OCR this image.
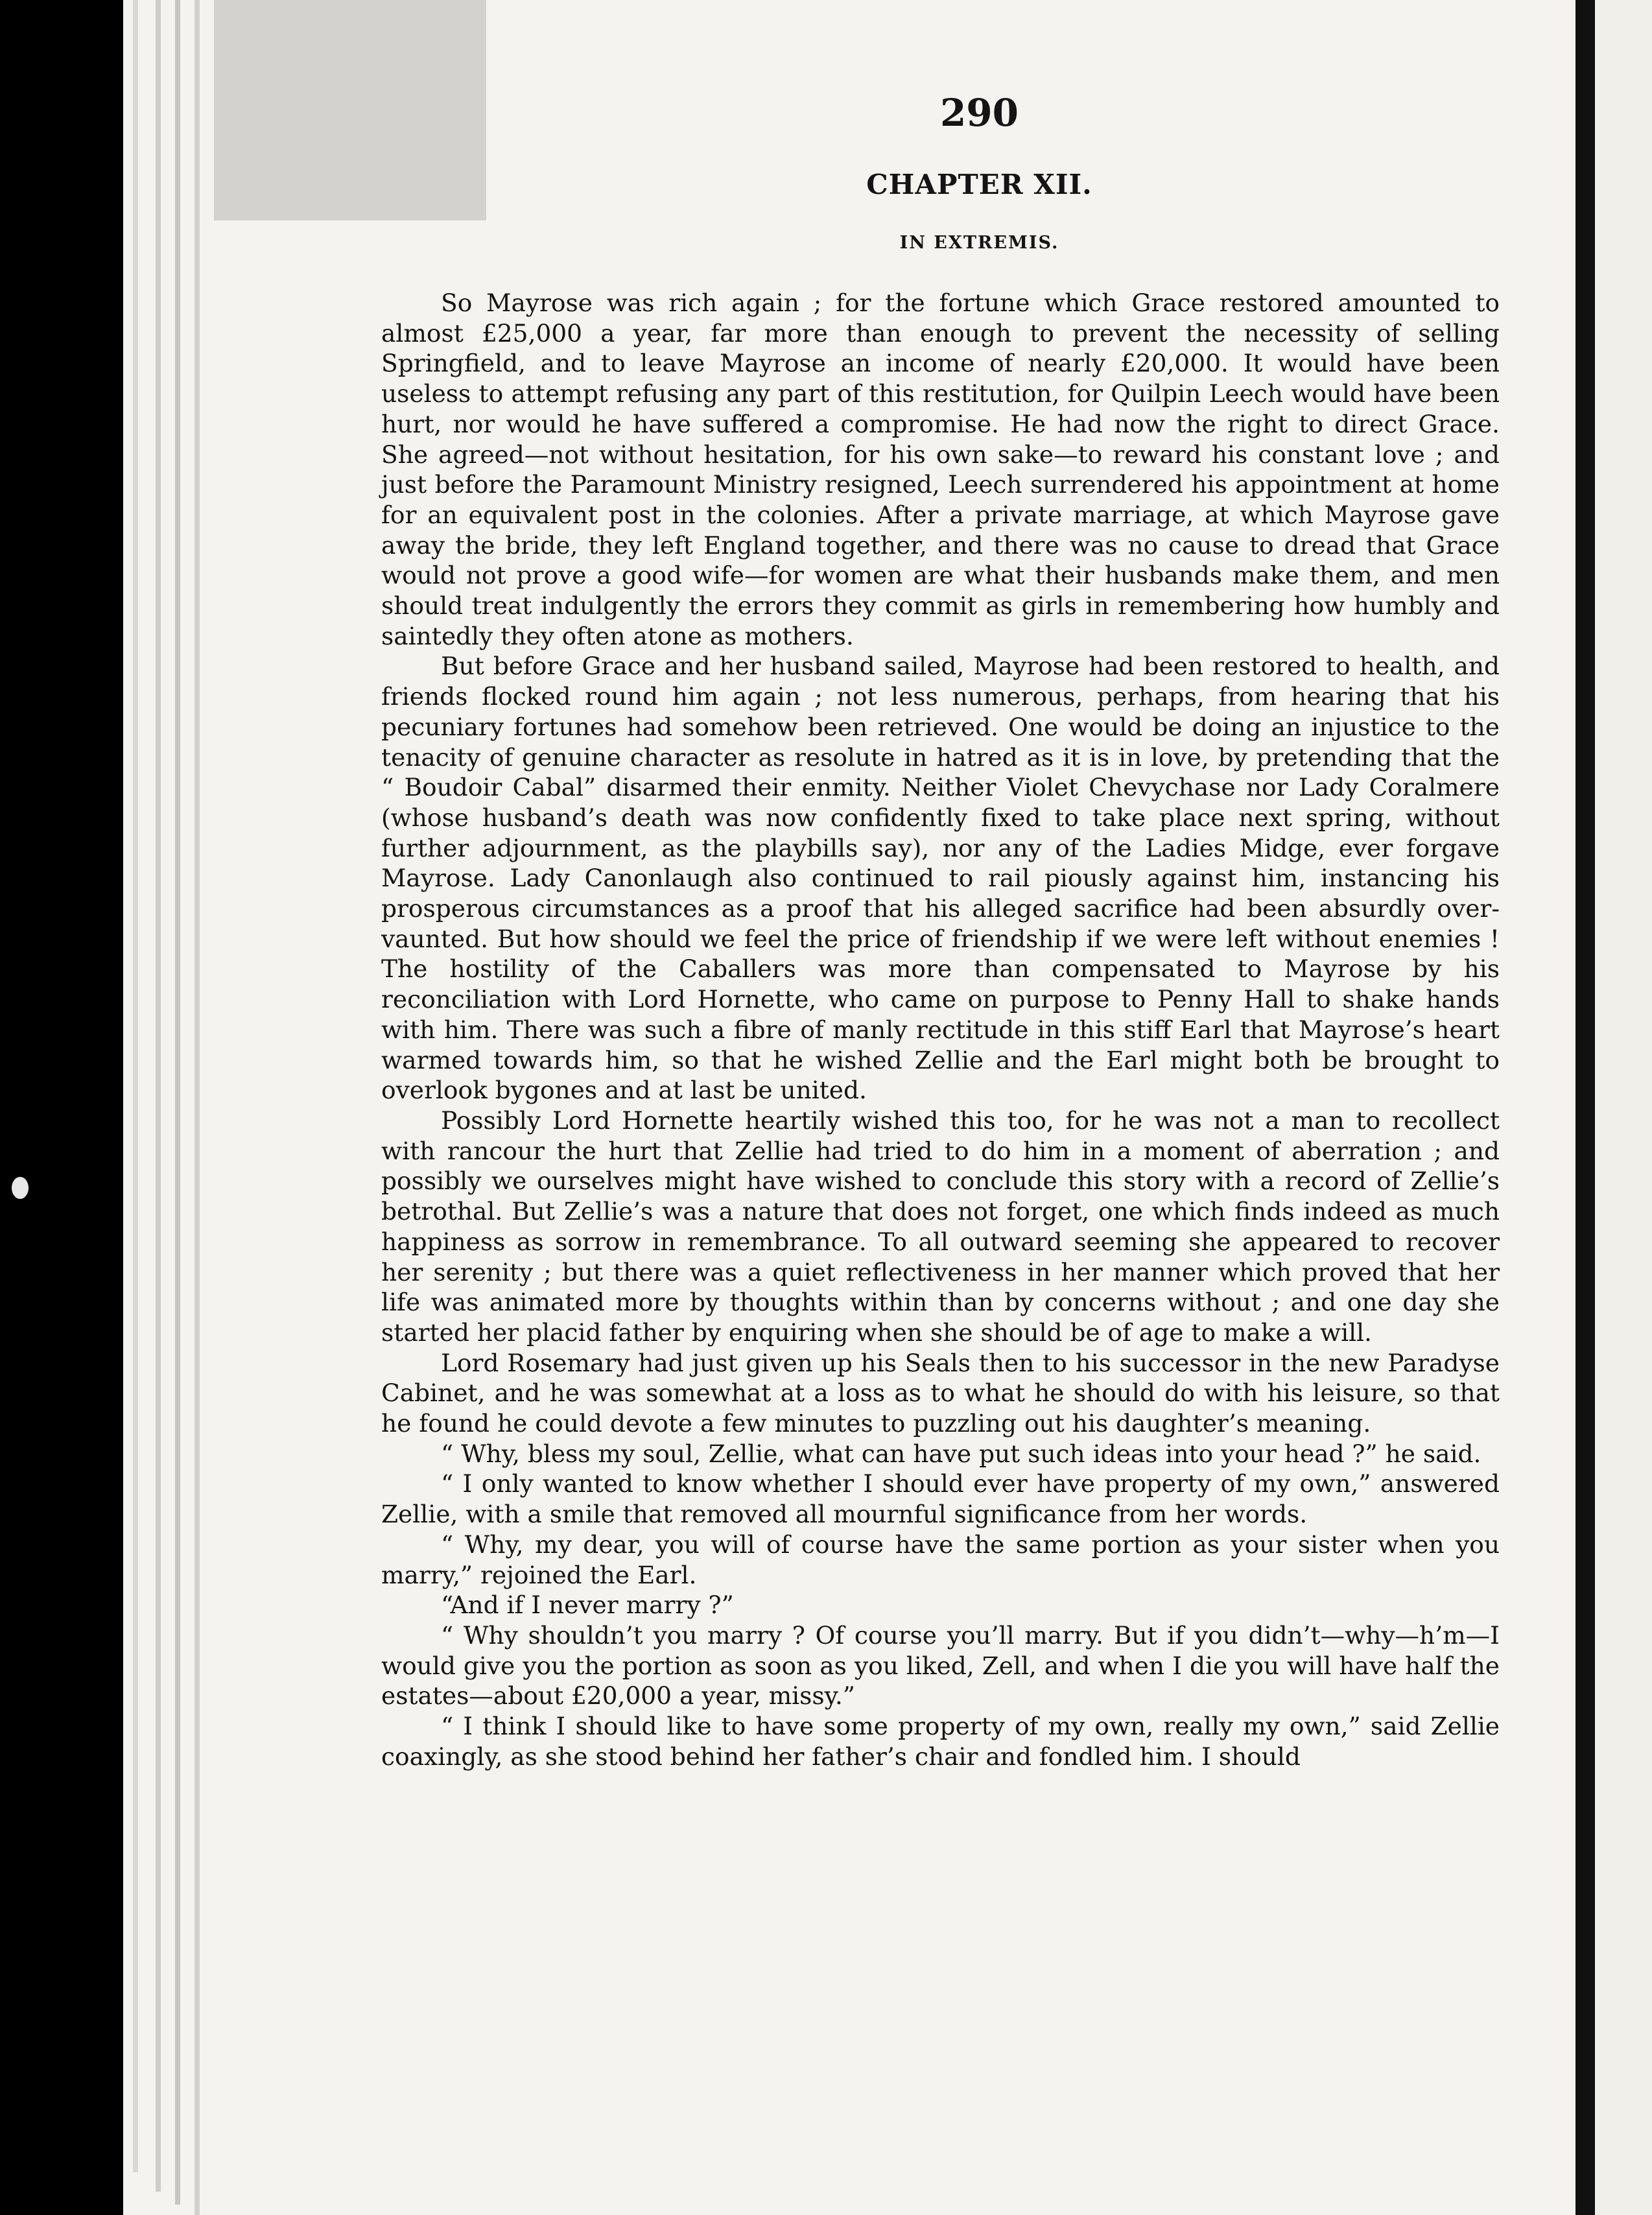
290
CHAPTER XII.
IN EXTREMIS.

So Mayrose was rich again ; for the fortune which Grace restored amounted to almost £25,000 a year, far more than enough to prevent the necessity of selling Springfield, and to leave Mayrose an income of nearly £20,000. It would have been useless to attempt refusing any part of this restitution, for Quilpin Leech would have been hurt, nor would he have suffered a compromise. He had now the right to direct Grace. She agreed—not without hesitation, for his own sake—to reward his constant love ; and just before the Paramount Ministry resigned, Leech surrendered his appointment at home for an equivalent post in the colonies. After a private marriage, at which Mayrose gave away the bride, they left England together, and there was no cause to dread that Grace would not prove a good wife—for women are what their husbands make them, and men should treat indulgently the errors they commit as girls in remembering how humbly and saintedly they often atone as mothers.

But before Grace and her husband sailed, Mayrose had been restored to health, and friends flocked round him again ; not less numerous, perhaps, from hearing that his pecuniary fortunes had somehow been retrieved. One would be doing an injustice to the tenacity of genuine character as resolute in hatred as it is in love, by pretending that the “ Boudoir Cabal” disarmed their enmity. Neither Violet Chevychase nor Lady Coralmere (whose husband’s death was now confidently fixed to take place next spring, without further adjournment, as the playbills say), nor any of the Ladies Midge, ever forgave Mayrose. Lady Canonlaugh also continued to rail piously against him, instancing his prosperous circumstances as a proof that his alleged sacrifice had been absurdly over-vaunted. But how should we feel the price of friendship if we were left without enemies ! The hostility of the Caballers was more than compensated to Mayrose by his reconciliation with Lord Hornette, who came on purpose to Penny Hall to shake hands with him. There was such a fibre of manly rectitude in this stiff Earl that Mayrose’s heart warmed towards him, so that he wished Zellie and the Earl might both be brought to overlook bygones and at last be united.

Possibly Lord Hornette heartily wished this too, for he was not a man to recollect with rancour the hurt that Zellie had tried to do him in a moment of aberration ; and possibly we ourselves might have wished to conclude this story with a record of Zellie’s betrothal. But Zellie’s was a nature that does not forget, one which finds indeed as much happiness as sorrow in remembrance. To all outward seeming she appeared to recover her serenity ; but there was a quiet reflectiveness in her manner which proved that her life was animated more by thoughts within than by concerns without ; and one day she started her placid father by enquiring when she should be of age to make a will.

Lord Rosemary had just given up his Seals then to his successor in the new Paradyse Cabinet, and he was somewhat at a loss as to what he should do with his leisure, so that he found he could devote a few minutes to puzzling out his daughter’s meaning.

“ Why, bless my soul, Zellie, what can have put such ideas into your head ?” he said.

“ I only wanted to know whether I should ever have property of my own,” answered Zellie, with a smile that removed all mournful significance from her words.

“ Why, my dear, you will of course have the same portion as your sister when you marry,” rejoined the Earl.

“And if I never marry ?”

“ Why shouldn’t you marry ? Of course you’ll marry. But if you didn’t—why—h’m—I would give you the portion as soon as you liked, Zell, and when I die you will have half the estates—about £20,000 a year, missy.”

“ I think I should like to have some property of my own, really my own,” said Zellie coaxingly, as she stood behind her father’s chair and fondled him. I should
